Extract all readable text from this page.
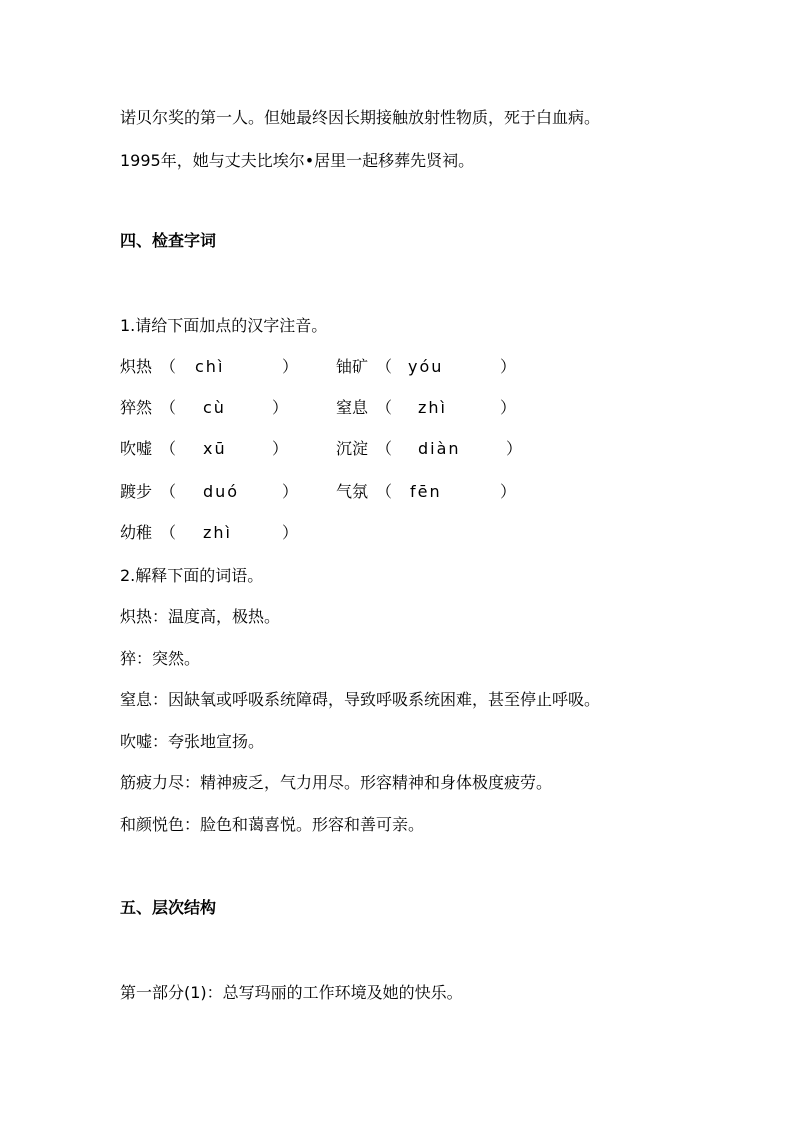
诺贝尔奖的第一人。但她最终因长期接触放射性物质，死于白血病。
1995年，她与丈夫比埃尔•居里一起移葬先贤祠。
四、检查字词
1.请给下面加点的汉字注音。
炽热 （ chì	） 铀矿 （ yóu	）
猝然 （ cù	）	窒息 （ zhì	）
吹嘘 （ xū	）	沉淀 （ diàn	）
踱步 （ duó	） 气氛 （ fēn	）
幼稚 （ zhì	）
2.解释下面的词语。
炽热：温度高，极热。
猝：突然。
窒息：因缺氧或呼吸系统障碍，导致呼吸系统困难，甚至停止呼吸。
吹嘘：夸张地宣扬。
筋疲力尽：精神疲乏，气力用尽。形容精神和身体极度疲劳。
和颜悦色：脸色和蔼喜悦。形容和善可亲。
五、层次结构
第一部分(1)：总写玛丽的工作环境及她的快乐。
